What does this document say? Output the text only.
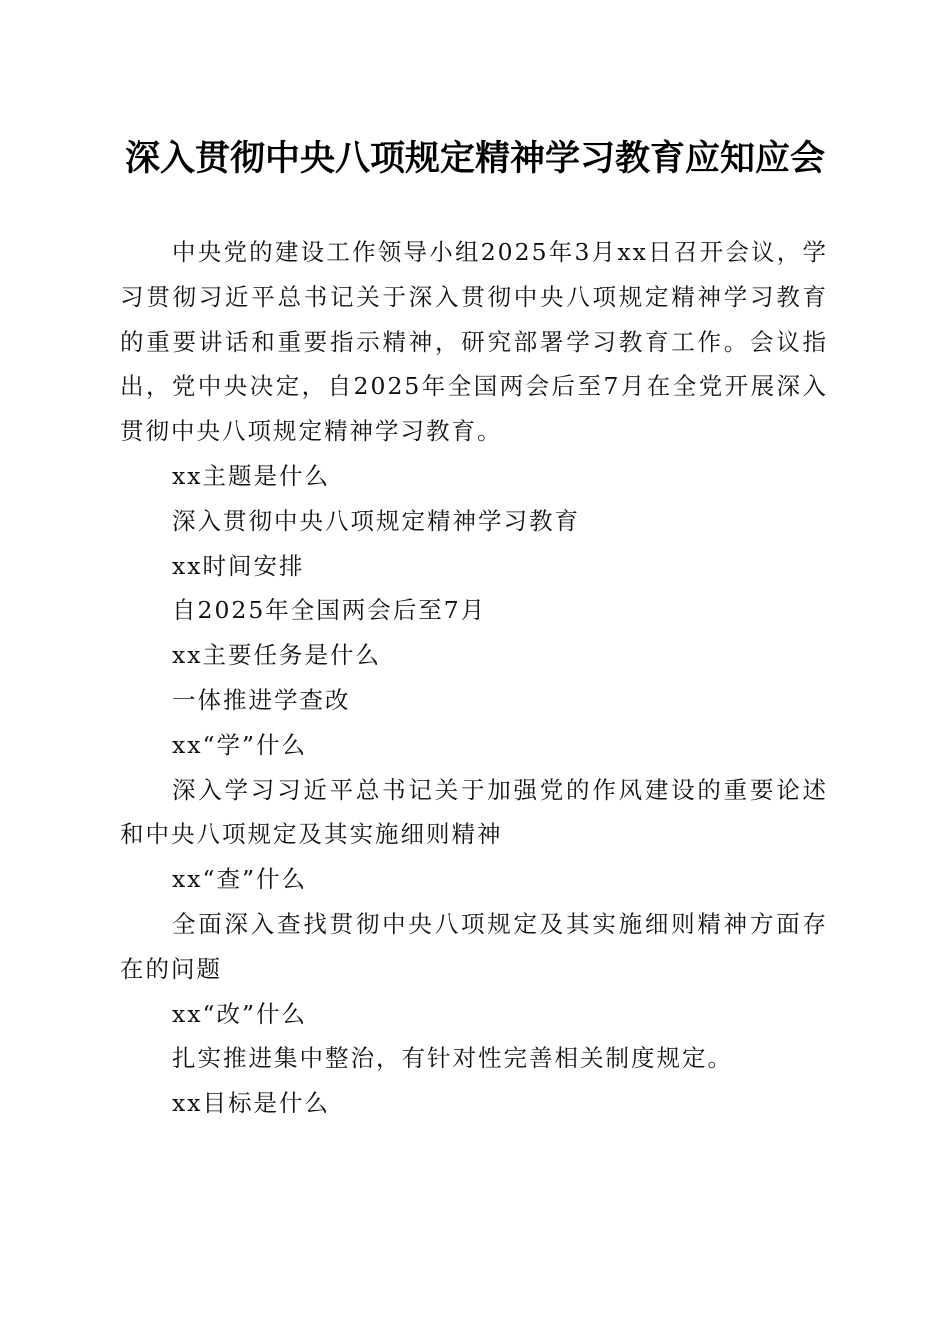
深入贯彻中央八项规定精神学习教育应知应会

中央党的建设工作领导小组2025年3月xx日召开会议，学习贯彻习近平总书记关于深入贯彻中央八项规定精神学习教育的重要讲话和重要指示精神，研究部署学习教育工作。会议指出，党中央决定，自2025年全国两会后至7月在全党开展深入贯彻中央八项规定精神学习教育。

xx主题是什么

深入贯彻中央八项规定精神学习教育

xx时间安排

自2025年全国两会后至7月

xx主要任务是什么

一体推进学查改

xx“学”什么

深入学习习近平总书记关于加强党的作风建设的重要论述和中央八项规定及其实施细则精神

xx“查”什么

全面深入查找贯彻中央八项规定及其实施细则精神方面存在的问题

xx“改”什么

扎实推进集中整治，有针对性完善相关制度规定。

xx目标是什么
